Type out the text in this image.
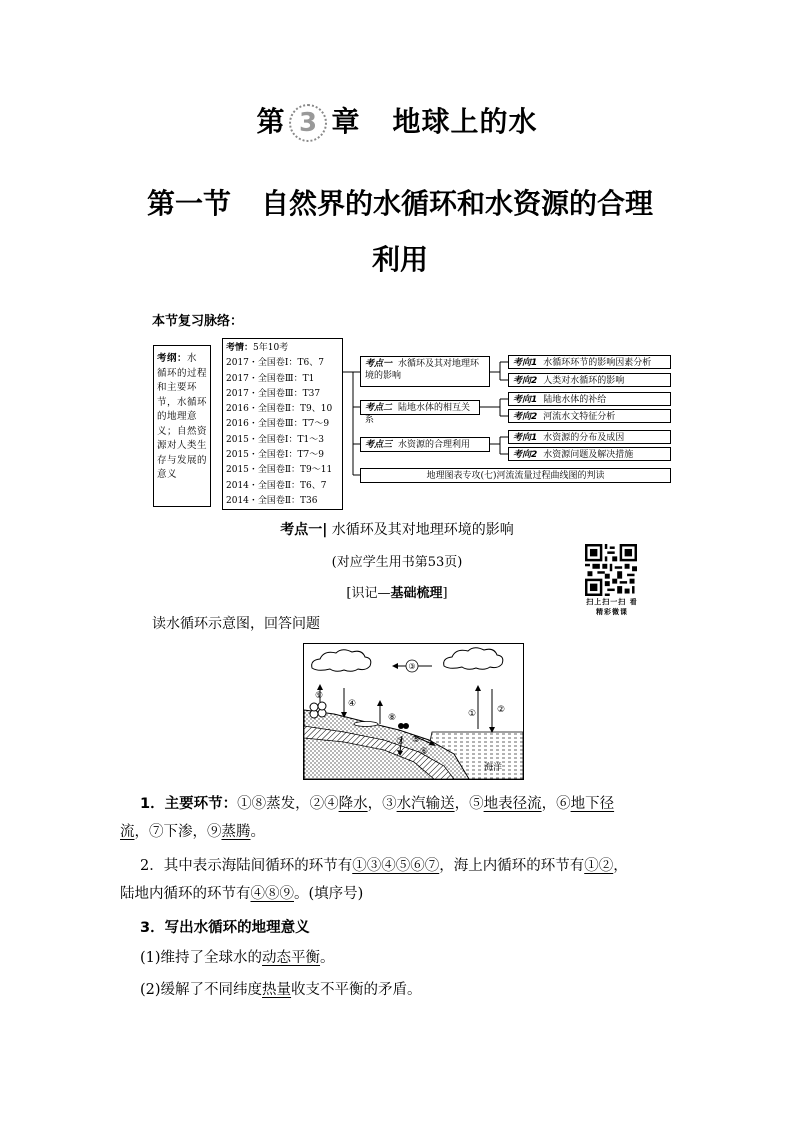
第 3 章 地球上的水
第一节 自然界的水循环和水资源的合理
利用
本节复习脉络：
考纲：水循环的过程和主要环节，水循环的地理意义；自然资源对人类生存与发展的意义
考情：5年10考
2017・全国卷Ⅰ：T6、7
2017・全国卷Ⅲ：T1
2017・全国卷Ⅲ：T37
2016・全国卷Ⅱ：T9、10
2016・全国卷Ⅲ：T7～9
2015・全国卷Ⅰ：T1～3
2015・全国卷Ⅰ：T7～9
2015・全国卷Ⅱ：T9～11
2014・全国卷Ⅱ：T6、7
2014・全国卷Ⅱ：T36
考点一 水循环及其对地理环境的影响
考点二 陆地水体的相互关系
考点三 水资源的合理利用
考向1 水循环环节的影响因素分析
考向2 人类对水循环的影响
考向1 陆地水体的补给
考向2 河流水文特征分析
考向1 水资源的分布及成因
考向2 水资源问题及解决措施
地理图表专攻(七)河流流量过程曲线图的判读
考点一| 水循环及其对地理环境的影响
(对应学生用书第53页)
[识记—基础梳理]
扫上扫一扫 看精彩微课
读水循环示意图，回答问题
③
海洋
① ②
④
⑤
⑥
⑦
⑧
⑨
1．主要环节：①⑧蒸发，②④降水，③水汽输送，⑤地表径流，⑥地下径
流，⑦下渗，⑨蒸腾。
2．其中表示海陆间循环的环节有①③④⑤⑥⑦，海上内循环的环节有①②，
陆地内循环的环节有④⑧⑨。(填序号)
3．写出水循环的地理意义
(1)维持了全球水的动态平衡。
(2)缓解了不同纬度热量收支不平衡的矛盾。
